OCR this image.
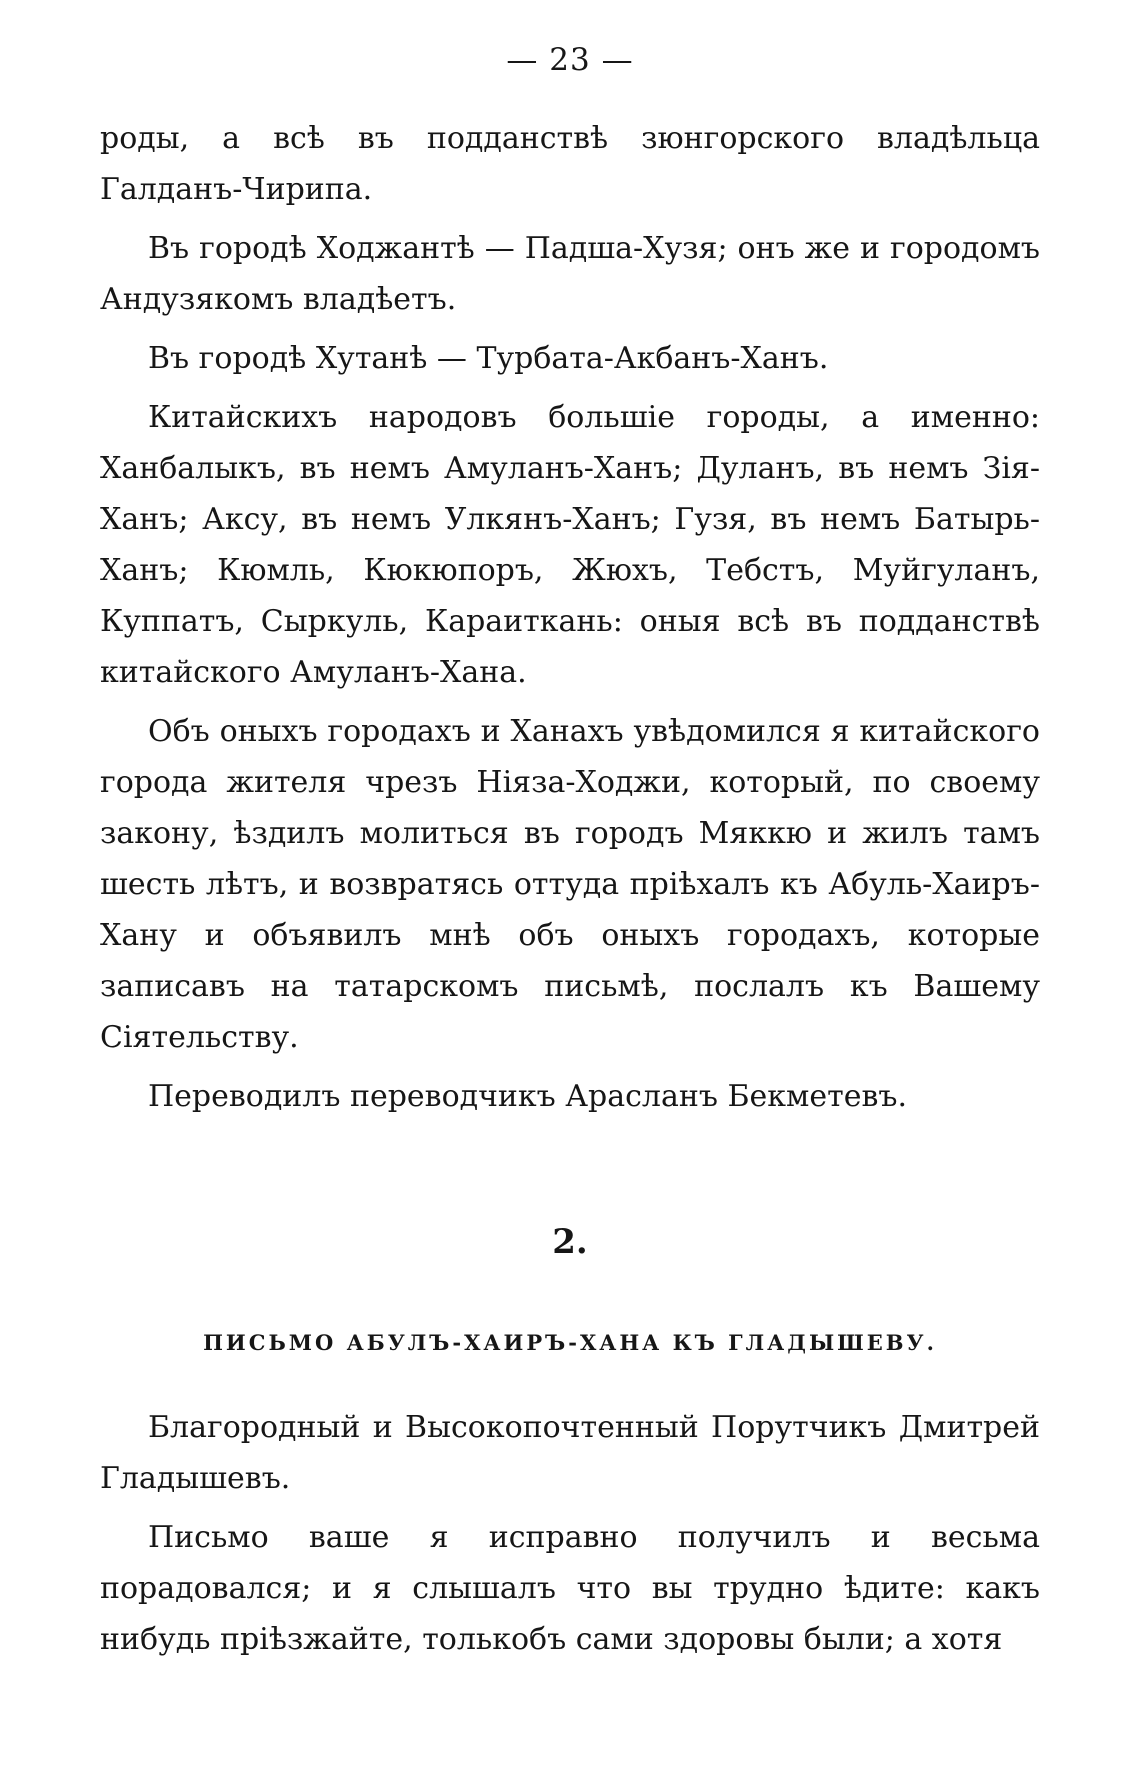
— 23 —

роды, а всѣ въ подданствѣ зюнгорского владѣльца Галданъ-Чирипа.

Въ городѣ Ходжантѣ — Падша-Хузя; онъ же и городомъ Андузякомъ владѣетъ.

Въ городѣ Хутанѣ — Турбата-Акбанъ-Ханъ.

Китайскихъ народовъ большіе городы, а именно: Ханбалыкъ, въ немъ Амуланъ-Ханъ; Дуланъ, въ немъ Зія-Ханъ; Аксу, въ немъ Улкянъ-Ханъ; Гузя, въ немъ Батырь-Ханъ; Кюмль, Кюкюпоръ, Жюхъ, Тебстъ, Муйгуланъ, Куппатъ, Сыркуль, Караиткань: оныя всѣ въ подданствѣ китайского Амуланъ-Хана.

Объ оныхъ городахъ и Ханахъ увѣдомился я китайского города жителя чрезъ Ніяза-Ходжи, который, по своему закону, ѣздилъ молиться въ городъ Мяккю и жилъ тамъ шесть лѣтъ, и возвратясь оттуда пріѣхалъ къ Абуль-Хаиръ-Хану и объявилъ мнѣ объ оныхъ городахъ, которые записавъ на татарскомъ письмѣ, послалъ къ Вашему Сіятельству.

Переводилъ переводчикъ Арасланъ Бекметевъ.

2.
ПИСЬМО АБУЛЪ-ХАИРЪ-ХАНА КЪ ГЛАДЫШЕВУ.

Благородный и Высокопочтенный Порутчикъ Дмитрей Гладышевъ.

Письмо ваше я исправно получилъ и весьма порадовался; и я слышалъ что вы трудно ѣдите: какъ нибудь пріѣзжайте, толькобъ сами здоровы были; а хотя
